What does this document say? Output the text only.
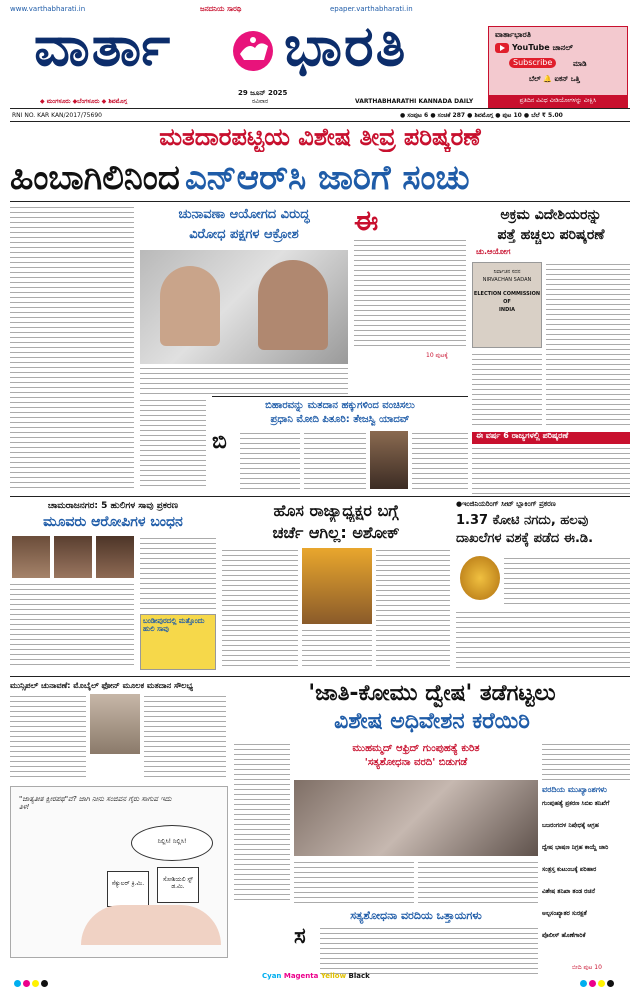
www.varthabharati.in	ಜನದನಿಯ ಸಾರಥಿ	epaper.varthabharati.in
ವಾರ್ತಾ ಭಾರತಿ
29 ಜೂನ್ 2025
ರವಿವಾರ
◆ ಮಂಗಳೂರು ◆ಬೆಂಗಳೂರು ◆ ಶಿವಮೊಗ್ಗ	VARTHABHARATHI KANNADA DAILY
ವಾರ್ತಾಭಾರತಿ
YouTube ಚಾನಲ್
Subscribe	ಮಾಡಿ
ಬೆಲ್ 🔔 ಐಕನ್ ಒತ್ತಿ
ಪ್ರತಿದಿನ ವಿವಿಧ ವೀಡಿಯೋಗಳನ್ನು ವೀಕ್ಷಿಸಿ
RNI NO. KAR KAN/2017/75690	● ಸಂಪುಟ 6 ● ಸಂಚಿಕೆ 287 ● ಶಿವಮೊಗ್ಗ ● ಪುಟ 10 ● ಬೆಲೆ ₹ 5.00
ಮತದಾರಪಟ್ಟಿಯ ವಿಶೇಷ ತೀವ್ರ ಪರಿಷ್ಕರಣೆ
ಹಿಂಬಾಗಿಲಿನಿಂದ ಎನ್‌ಆರ್‌ಸಿ ಜಾರಿಗೆ ಸಂಚು
ಚುನಾವಣಾ ಆಯೋಗದ ವಿರುದ್ಧ
ವಿರೋಧ ಪಕ್ಷಗಳ ಆಕ್ರೋಶ	ಈ
10 ಪುಟಕ್ಕೆ
ಅಕ್ರಮ ವಿದೇಶಿಯರನ್ನು
ಪತ್ತೆ ಹಚ್ಚಲು ಪರಿಷ್ಕರಣೆ
ಚು.ಆಯೋಗ
ನಿರ್ವಾಚನ ಸದನ
NIRVACHAN SADAN
ELECTION COMMISSION
OF
INDIA
ಈ ವರ್ಷ 6 ರಾಜ್ಯಗಳಲ್ಲಿ ಪರಿಷ್ಕರಣೆ
ಬಿಹಾರವನ್ನು ಮತದಾನ ಹಕ್ಕುಗಳಿಂದ ವಂಚಿಸಲು
ಪ್ರಧಾನಿ ಮೋದಿ ಪಿತೂರಿ: ತೇಜಸ್ವಿ ಯಾದವ್
ಬಿ
ಚಾಮರಾಜನಗರ: 5 ಹುಲಿಗಳ ಸಾವು ಪ್ರಕರಣ
ಮೂವರು ಆರೋಪಿಗಳ ಬಂಧನ
ಬಂಡೀಪುರದಲ್ಲಿ ಮತ್ತೊಂದು ಹುಲಿ ಸಾವು
ಹೊಸ ರಾಜ್ಯಾಧ್ಯಕ್ಷರ ಬಗ್ಗೆ
ಚರ್ಚೆ ಆಗಿಲ್ಲ: ಅಶೋಕ್
●ಇಂಜಿನಿಯರಿಂಗ್ ಸೀಟ್ ಬ್ಲಾಕಿಂಗ್ ಪ್ರಕರಣ
1.37 ಕೋಟಿ ನಗದು, ಹಲವು
ದಾಖಲೆಗಳ ವಶಕ್ಕೆ ಪಡೆದ ಈ.ಡಿ.
ಮುನ್ಸಿಪಲ್ ಚುನಾವಣೆ: ಮೊಬೈಲ್ ಫೋನ್ ಮೂಲಕ ಮತದಾನ ಸೌಲಭ್ಯ
"ಜಾತ್ಯತೀತ ಕ್ಷೀರಪಥ"ವೆ? ಜಾಗಿ ನೀನು ಸಂಜಿವನ ಗೈರು ಸಾಗುವ ಇದು ತಿಳಿ!
ನಿಲ್ಲಿಸಿ! ನಿಲ್ಲಿಸಿ!
ಸೆಕ್ಯುಲರ್ ಕ್ರಿ.ಮಿ.
ಸೋಶಿಯಲಿ ಸ್ಟ್ ಡ.ಮಿ.
'ಜಾತಿ-ಕೋಮು ದ್ವೇಷ' ತಡೆಗಟ್ಟಲು
ವಿಶೇಷ ಅಧಿವೇಶನ ಕರೆಯಿರಿ
ಮುಹಮ್ಮದ್ ಆಫ್ರಿದ್ ಗುಂಪುಹತ್ಯೆ ಕುರಿತ
'ಸತ್ಯಶೋಧನಾ ವರದಿ' ಬಿಡುಗಡೆ
ಸತ್ಯಶೋಧನಾ ವರದಿಯ ಒತ್ತಾಯಗಳು
ಸ
ವರದಿಯ ಮುಖ್ಯಾಂಶಗಳು
ಗುಂಪುಹತ್ಯೆ ಪ್ರಕರಣ ಸಿಬಿಐ ತನಿಖೆಗೆ
ಬಜರಂಗದಳ ನಿಷೇಧಕ್ಕೆ ಆಗ್ರಹ
ದ್ವೇಷ ಭಾಷಣ ನಿಗ್ರಹ ಕಾಯ್ದೆ ಜಾರಿ
ಸಂತ್ರಸ್ತ ಕುಟುಂಬಕ್ಕೆ ಪರಿಹಾರ
ವಿಶೇಷ ತನಿಖಾ ತಂಡ ರಚನೆ
ಅಲ್ಪಸಂಖ್ಯಾತರ ಸುರಕ್ಷತೆ
ಪೊಲೀಸ್ ಹೊಣೆಗಾರಿಕೆ
ಬೀದಿ ಪುಟ 10
Cyan Magenta Yellow Black
